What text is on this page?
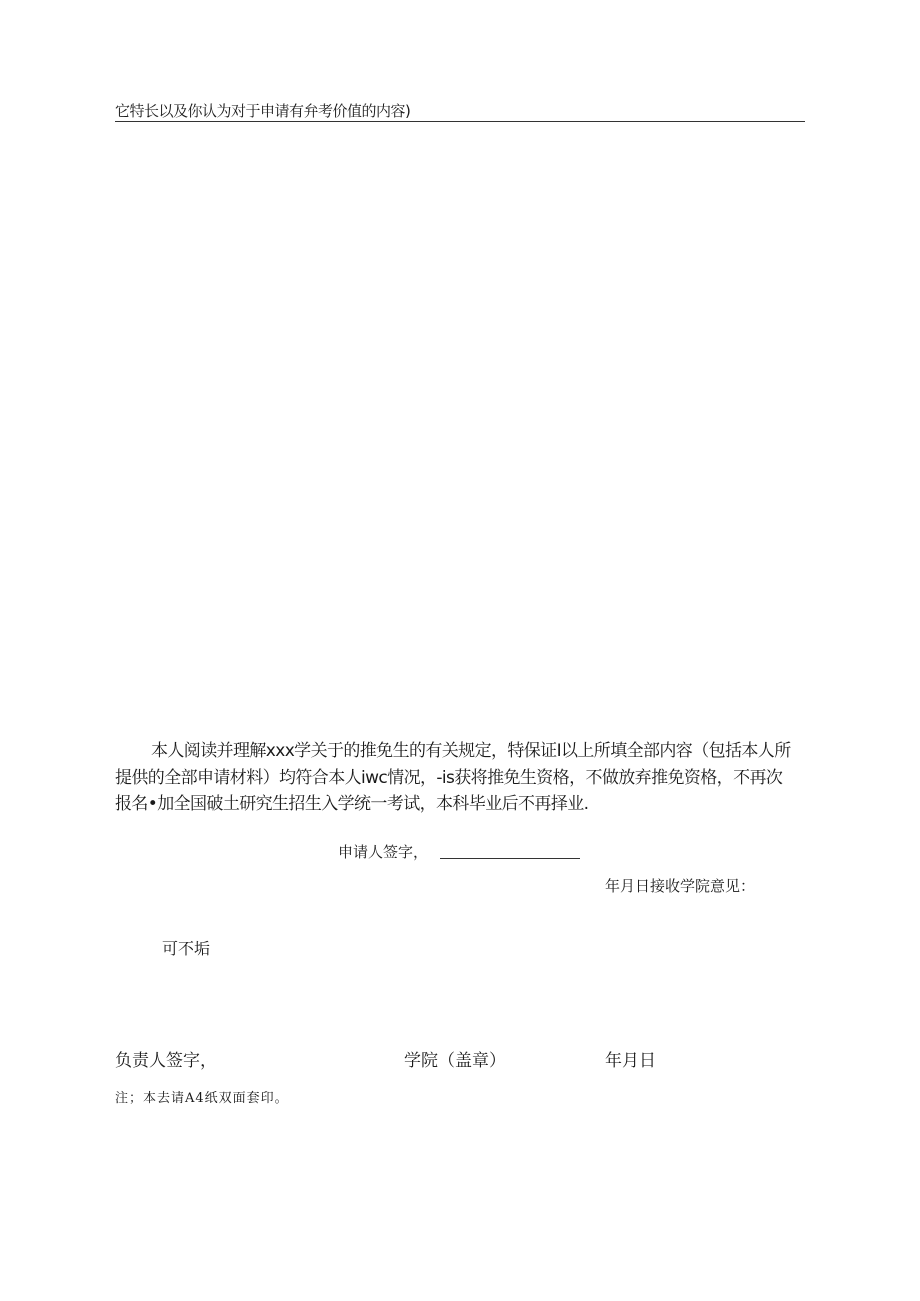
它特长以及你认为对于申请有弁考价值的内容)
本人阅读并理解xxx学关于的推免生的有关规定，特保证I以上所填全部内容（包括本人所
提供的全部申请材料）均符合本人iwc情况，-is获将推免生资格，不做放弃推免资格，不再次
报名•加全国破土研究生招生入学统一考试，本科毕业后不再择业.
申请人签字，
年月日接收学院意见：
可不垢
负责人签字，	学院（盖章）	年月日
注；本去请A4纸双面套印。
